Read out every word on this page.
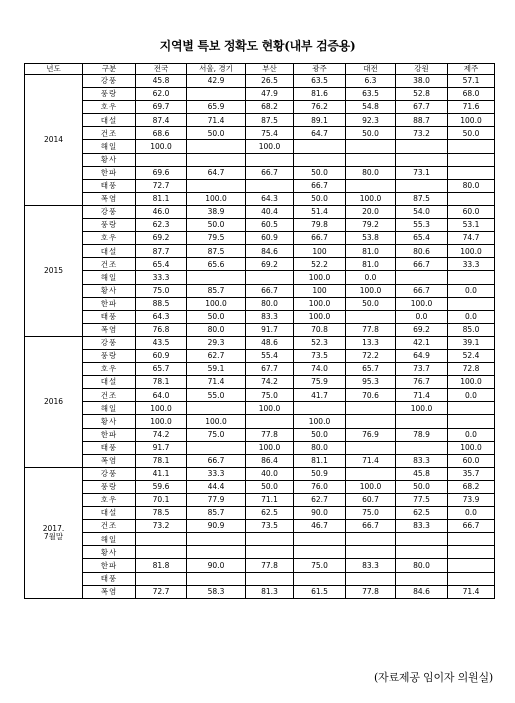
지역별 특보 정확도 현황(내부 검증용)
년도	구분	전국	서울, 경기	부산	광주	대전	강원	제주
2014	강풍	45.8	42.9	26.5	63.5	6.3	38.0	57.1
	풍랑	62.0		47.9	81.6	63.5	52.8	68.0
	호우	69.7	65.9	68.2	76.2	54.8	67.7	71.6
	대설	87.4	71.4	87.5	89.1	92.3	88.7	100.0
	건조	68.6	50.0	75.4	64.7	50.0	73.2	50.0
	해일	100.0		100.0				
	황사							
	한파	69.6	64.7	66.7	50.0	80.0	73.1	
	태풍	72.7			66.7			80.0
	폭염	81.1	100.0	64.3	50.0	100.0	87.5	
2015	강풍	46.0	38.9	40.4	51.4	20.0	54.0	60.0
	풍랑	62.3	50.0	60.5	79.8	79.2	55.3	53.1
	호우	69.2	79.5	60.9	66.7	53.8	65.4	74.7
	대설	87.7	87.5	84.6	100	81.0	80.6	100.0
	건조	65.4	65.6	69.2	52.2	81.0	66.7	33.3
	해일	33.3			100.0	0.0		
	황사	75.0	85.7	66.7	100	100.0	66.7	0.0
	한파	88.5	100.0	80.0	100.0	50.0	100.0	
	태풍	64.3	50.0	83.3	100.0		0.0	0.0
	폭염	76.8	80.0	91.7	70.8	77.8	69.2	85.0
2016	강풍	43.5	29.3	48.6	52.3	13.3	42.1	39.1
	풍랑	60.9	62.7	55.4	73.5	72.2	64.9	52.4
	호우	65.7	59.1	67.7	74.0	65.7	73.7	72.8
	대설	78.1	71.4	74.2	75.9	95.3	76.7	100.0
	건조	64.0	55.0	75.0	41.7	70.6	71.4	0.0
	해일	100.0		100.0			100.0	
	황사	100.0	100.0		100.0			
	한파	74.2	75.0	77.8	50.0	76.9	78.9	0.0
	태풍	91.7		100.0	80.0			100.0
	폭염	78.1	66.7	86.4	81.1	71.4	83.3	60.0
2017.
7월말	강풍	41.1	33.3	40.0	50.9		45.8	35.7
	풍랑	59.6	44.4	50.0	76.0	100.0	50.0	68.2
	호우	70.1	77.9	71.1	62.7	60.7	77.5	73.9
	대설	78.5	85.7	62.5	90.0	75.0	62.5	0.0
	건조	73.2	90.9	73.5	46.7	66.7	83.3	66.7
	해일							
	황사							
	한파	81.8	90.0	77.8	75.0	83.3	80.0	
	태풍							
	폭염	72.7	58.3	81.3	61.5	77.8	84.6	71.4
(자료제공 임이자 의원실)
